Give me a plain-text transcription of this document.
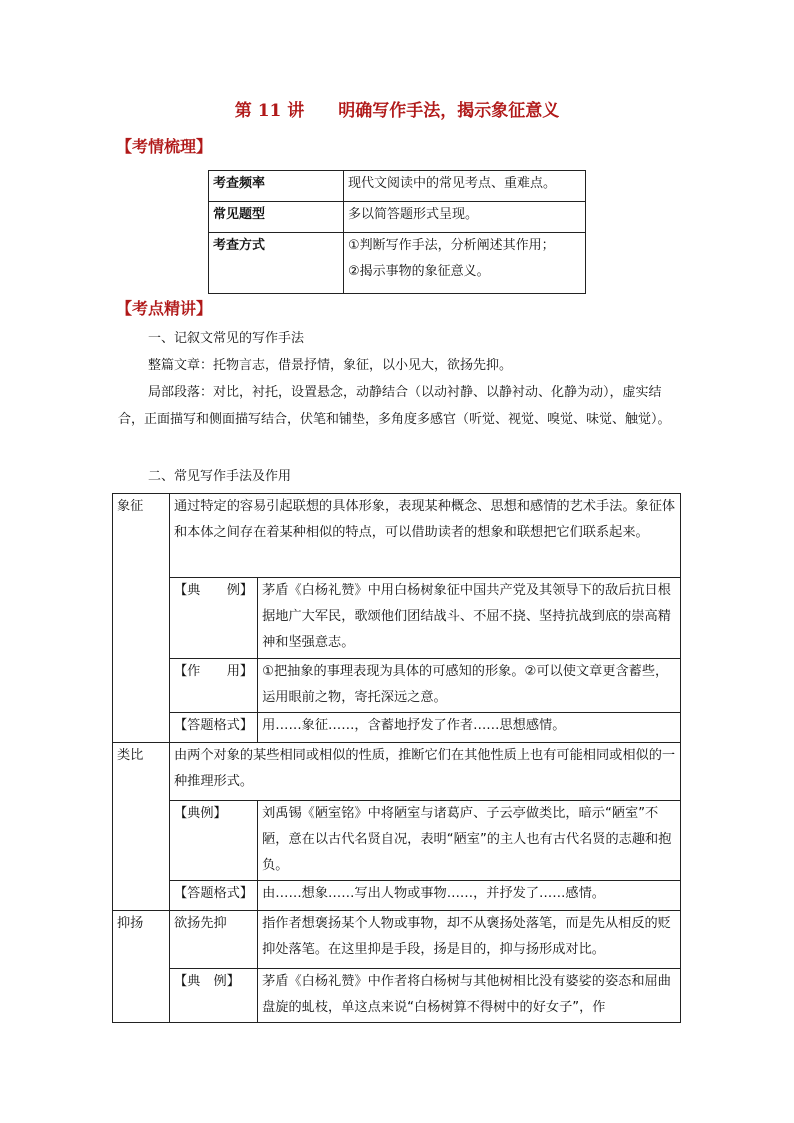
第 11 讲 明确写作手法，揭示象征意义
【考情梳理】
考查频率	现代文阅读中的常见考点、重难点。
常见题型	多以简答题形式呈现。
考查方式	①判断写作手法，分析阐述其作用；
②揭示事物的象征意义。
【考点精讲】
一、记叙文常见的写作手法
整篇文章：托物言志，借景抒情，象征，以小见大，欲扬先抑。
局部段落：对比，衬托，设置悬念，动静结合（以动衬静、以静衬动、化静为动），虚实结合，正面描写和侧面描写结合，伏笔和铺垫，多角度多感官（听觉、视觉、嗅觉、味觉、触觉）。
二、常见写作手法及作用
象征	通过特定的容易引起联想的具体形象，表现某种概念、思想和感情的艺术手法。象征体和本体之间存在着某种相似的特点，可以借助读者的想象和联想把它们联系起来。	
	【典　　例】	茅盾《白杨礼赞》中用白杨树象征中国共产党及其领导下的敌后抗日根据地广大军民，歌颂他们团结战斗、不屈不挠、坚持抗战到底的崇高精神和坚强意志。
	【作　　用】	①把抽象的事理表现为具体的可感知的形象。②可以使文章更含蓄些，运用眼前之物，寄托深远之意。
	【答题格式】	用……象征……，含蓄地抒发了作者……思想感情。
类比	由两个对象的某些相同或相似的性质，推断它们在其他性质上也有可能相同或相似的一种推理形式。	
	【典例】	刘禹锡《陋室铭》中将陋室与诸葛庐、子云亭做类比，暗示“陋室”不陋，意在以古代名贤自况，表明“陋室”的主人也有古代名贤的志趣和抱负。
	【答题格式】	由……想象……写出人物或事物……，并抒发了……感情。
抑扬	欲扬先抑	指作者想褒扬某个人物或事物，却不从褒扬处落笔，而是先从相反的贬抑处落笔。在这里抑是手段，扬是目的，抑与扬形成对比。
	【典　例】	茅盾《白杨礼赞》中作者将白杨树与其他树相比没有婆娑的姿态和屈曲盘旋的虬枝，单这点来说“白杨树算不得树中的好女子”，作
